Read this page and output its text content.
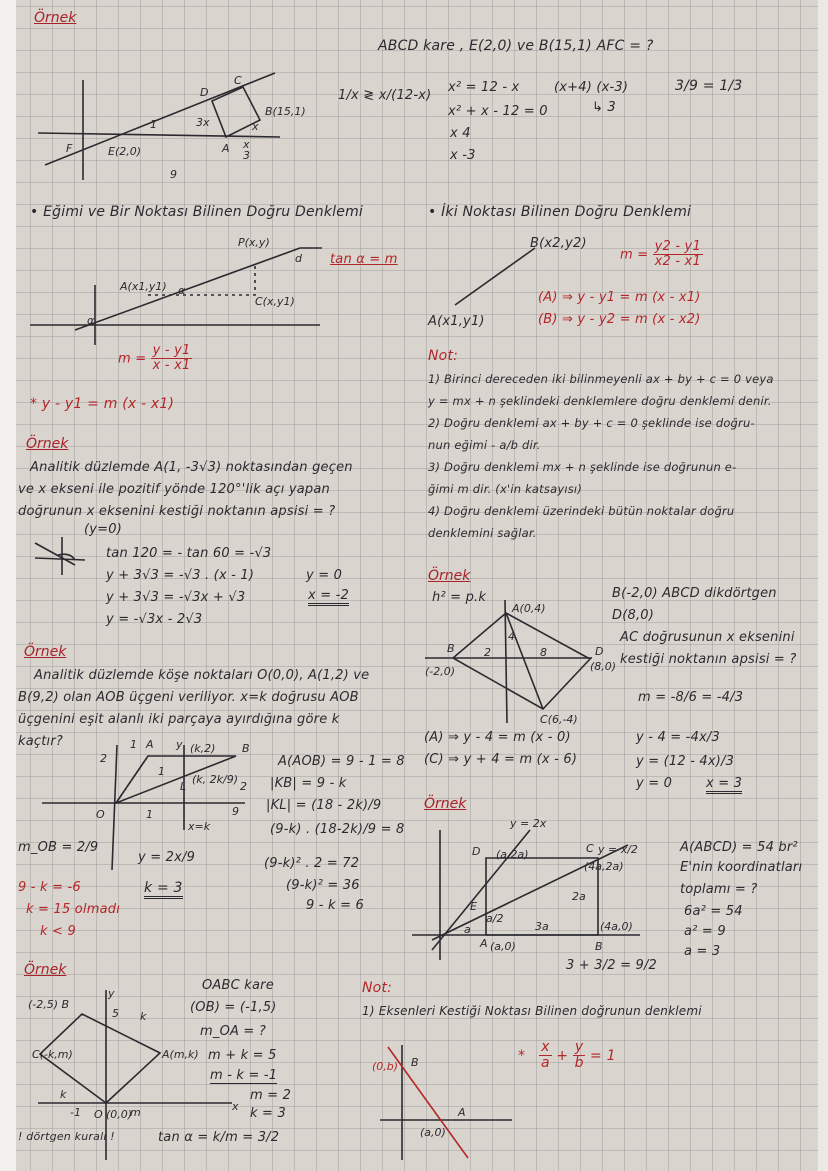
Örnek
ABCD kare , E(2,0) ve B(15,1) AFC = ?
1/x ≷ x/(12-x)
x² = 12 - x
x² + x - 12 = 0
x 4
x -3
(x+4) (x-3)
↳ 3
3/9 = 1/3
D
C
B(15,1)
F	E(2,0)	A x
3
9
3x
1	x
• Eğimi ve Bir Noktası Bilinen Doğru Denklemi
tan α = m
P(x,y)
d
A(x1,y1)
C(x,y1)
α
α
$m = \frac{y - y1}{x - x1}$
* y - y1 = m (x - x1)
• İki Noktası Bilinen Doğru Denklemi
B(x2,y2)
A(x1,y1)
$m = \frac{y2 - y1}{x2 - x1}$
(A) ⇒ y - y1 = m (x - x1)
(B) ⇒ y - y2 = m (x - x2)
Not:
1) Birinci dereceden iki bilinmeyenli ax + by + c = 0 veya
y = mx + n şeklindeki denklemlere doğru denklemi denir.
2) Doğru denklemi ax + by + c = 0 şeklinde ise doğru-
nun eğimi - a/b dir.
3) Doğru denklemi mx + n şeklinde ise doğrunun e-
ğimi m dir. (x'in katsayısı)
4) Doğru denklemi üzerindeki bütün noktalar doğru
denklemini sağlar.
Örnek
Analitik düzlemde A(1, -3√3) noktasından geçen
ve x ekseni ile pozitif yönde 120°'lik açı yapan
doğrunun x eksenini kestiği noktanın apsisi = ?
(y=0)
tan 120 = - tan 60 = -√3
y + 3√3 = -√3 . (x - 1)
y + 3√3 = -√3x + √3
y = -√3x - 2√3
y = 0
x = -2
Örnek
h² = p.k	B(-2,0) ABCD dikdörtgen
D(8,0)
AC doğrusunun x eksenini
kestiği noktanın apsisi = ?
m = -8/6 = -4/3
A(0,4)
B	D
(-2,0)	(8,0)
C(6,-4)
2	8
4
(A) ⇒ y - 4 = m (x - 0)
(C) ⇒ y + 4 = m (x - 6)
y - 4 = -4x/3
y = (12 - 4x)/3
y = 0	x = 3
Örnek
Analitik düzlemde köşe noktaları O(0,0), A(1,2) ve
B(9,2) olan AOB üçgeni veriliyor. x=k doğrusu AOB
üçgenini eşit alanlı iki parçaya ayırdığına göre k
kaçtır?
2
1 A y (k,2) B
(k, 2k/9)
L	2
O	1	9
x=k
1
A(AOB) = 9 - 1 = 8
|KB| = 9 - k
|KL| = (18 - 2k)/9
(9-k) . (18-2k)/9 = 8
(9-k)² . 2 = 72
(9-k)² = 36
9 - k = 6
m_OB = 2/9
y = 2x/9
k = 3
9 - k = -6
k = 15 olmadı
k < 9
Örnek
y = 2x
y = x/2
D (a,2a)	C
(4a,2a)
2a
E
a/2
3a	(4a,0)
A (a,0)	B
a
A(ABCD) = 54 br²
E'nin koordinatları
toplamı = ?
6a² = 54
a² = 9
a = 3
3 + 3/2 = 9/2
Örnek
(-2,5) B
y
5 k
C(-k,m)	A(m,k)
O (0,0)
-1	m
k
x
OABC kare
(OB) = (-1,5)
m_OA = ?
m + k = 5
m - k = -1
m = 2
k = 3
! dörtgen kuralı !	tan α = k/m = 3/2
Not:
1) Eksenleri Kestiği Noktası Bilinen doğrunun denklemi
(0,b) B
A
(a,0)
* $\frac{x}{a} + \frac{y}{b} = 1$
